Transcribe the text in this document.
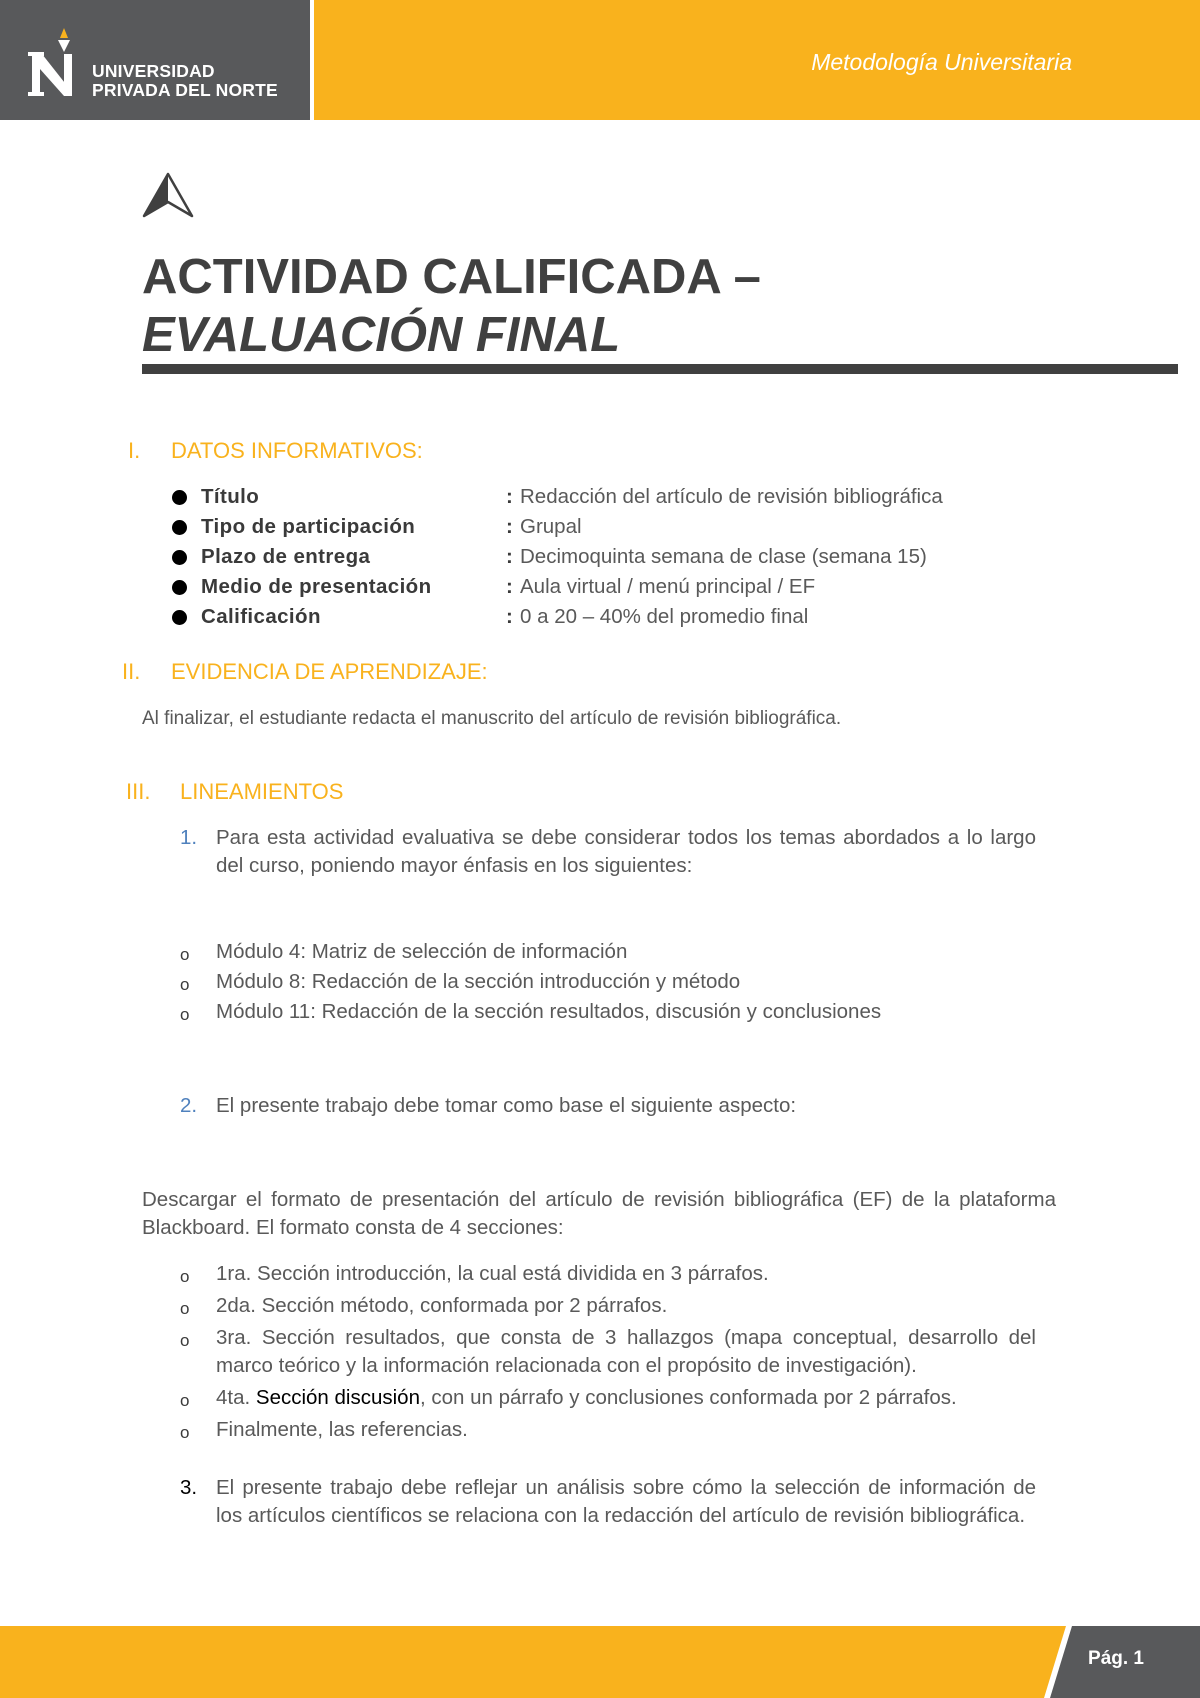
UNIVERSIDAD
PRIVADA DEL NORTE
Metodología Universitaria
ACTIVIDAD CALIFICADA –
EVALUACIÓN FINAL
I. DATOS INFORMATIVOS:
Título	: Redacción del artículo de revisión bibliográfica
Tipo de participación	: Grupal
Plazo de entrega	: Decimoquinta semana de clase (semana 15)
Medio de presentación	: Aula virtual / menú principal / EF
Calificación	: 0 a 20 – 40% del promedio final
II. EVIDENCIA DE APRENDIZAJE:
Al finalizar, el estudiante redacta el manuscrito del artículo de revisión bibliográfica.
III. LINEAMIENTOS
1. Para esta actividad evaluativa se debe considerar todos los temas abordados a lo largo del curso, poniendo mayor énfasis en los siguientes:
o Módulo 4: Matriz de selección de información
o Módulo 8: Redacción de la sección introducción y método
o Módulo 11: Redacción de la sección resultados, discusión y conclusiones
2. El presente trabajo debe tomar como base el siguiente aspecto:
Descargar el formato de presentación del artículo de revisión bibliográfica (EF) de la plataforma Blackboard. El formato consta de 4 secciones:
o 1ra. Sección introducción, la cual está dividida en 3 párrafos.
o 2da. Sección método, conformada por 2 párrafos.
o 3ra. Sección resultados, que consta de 3 hallazgos (mapa conceptual, desarrollo del marco teórico y la información relacionada con el propósito de investigación).
o 4ta. Sección discusión, con un párrafo y conclusiones conformada por 2 párrafos.
o Finalmente, las referencias.
3. El presente trabajo debe reflejar un análisis sobre cómo la selección de información de los artículos científicos se relaciona con la redacción del artículo de revisión bibliográfica.
Pág. 1
